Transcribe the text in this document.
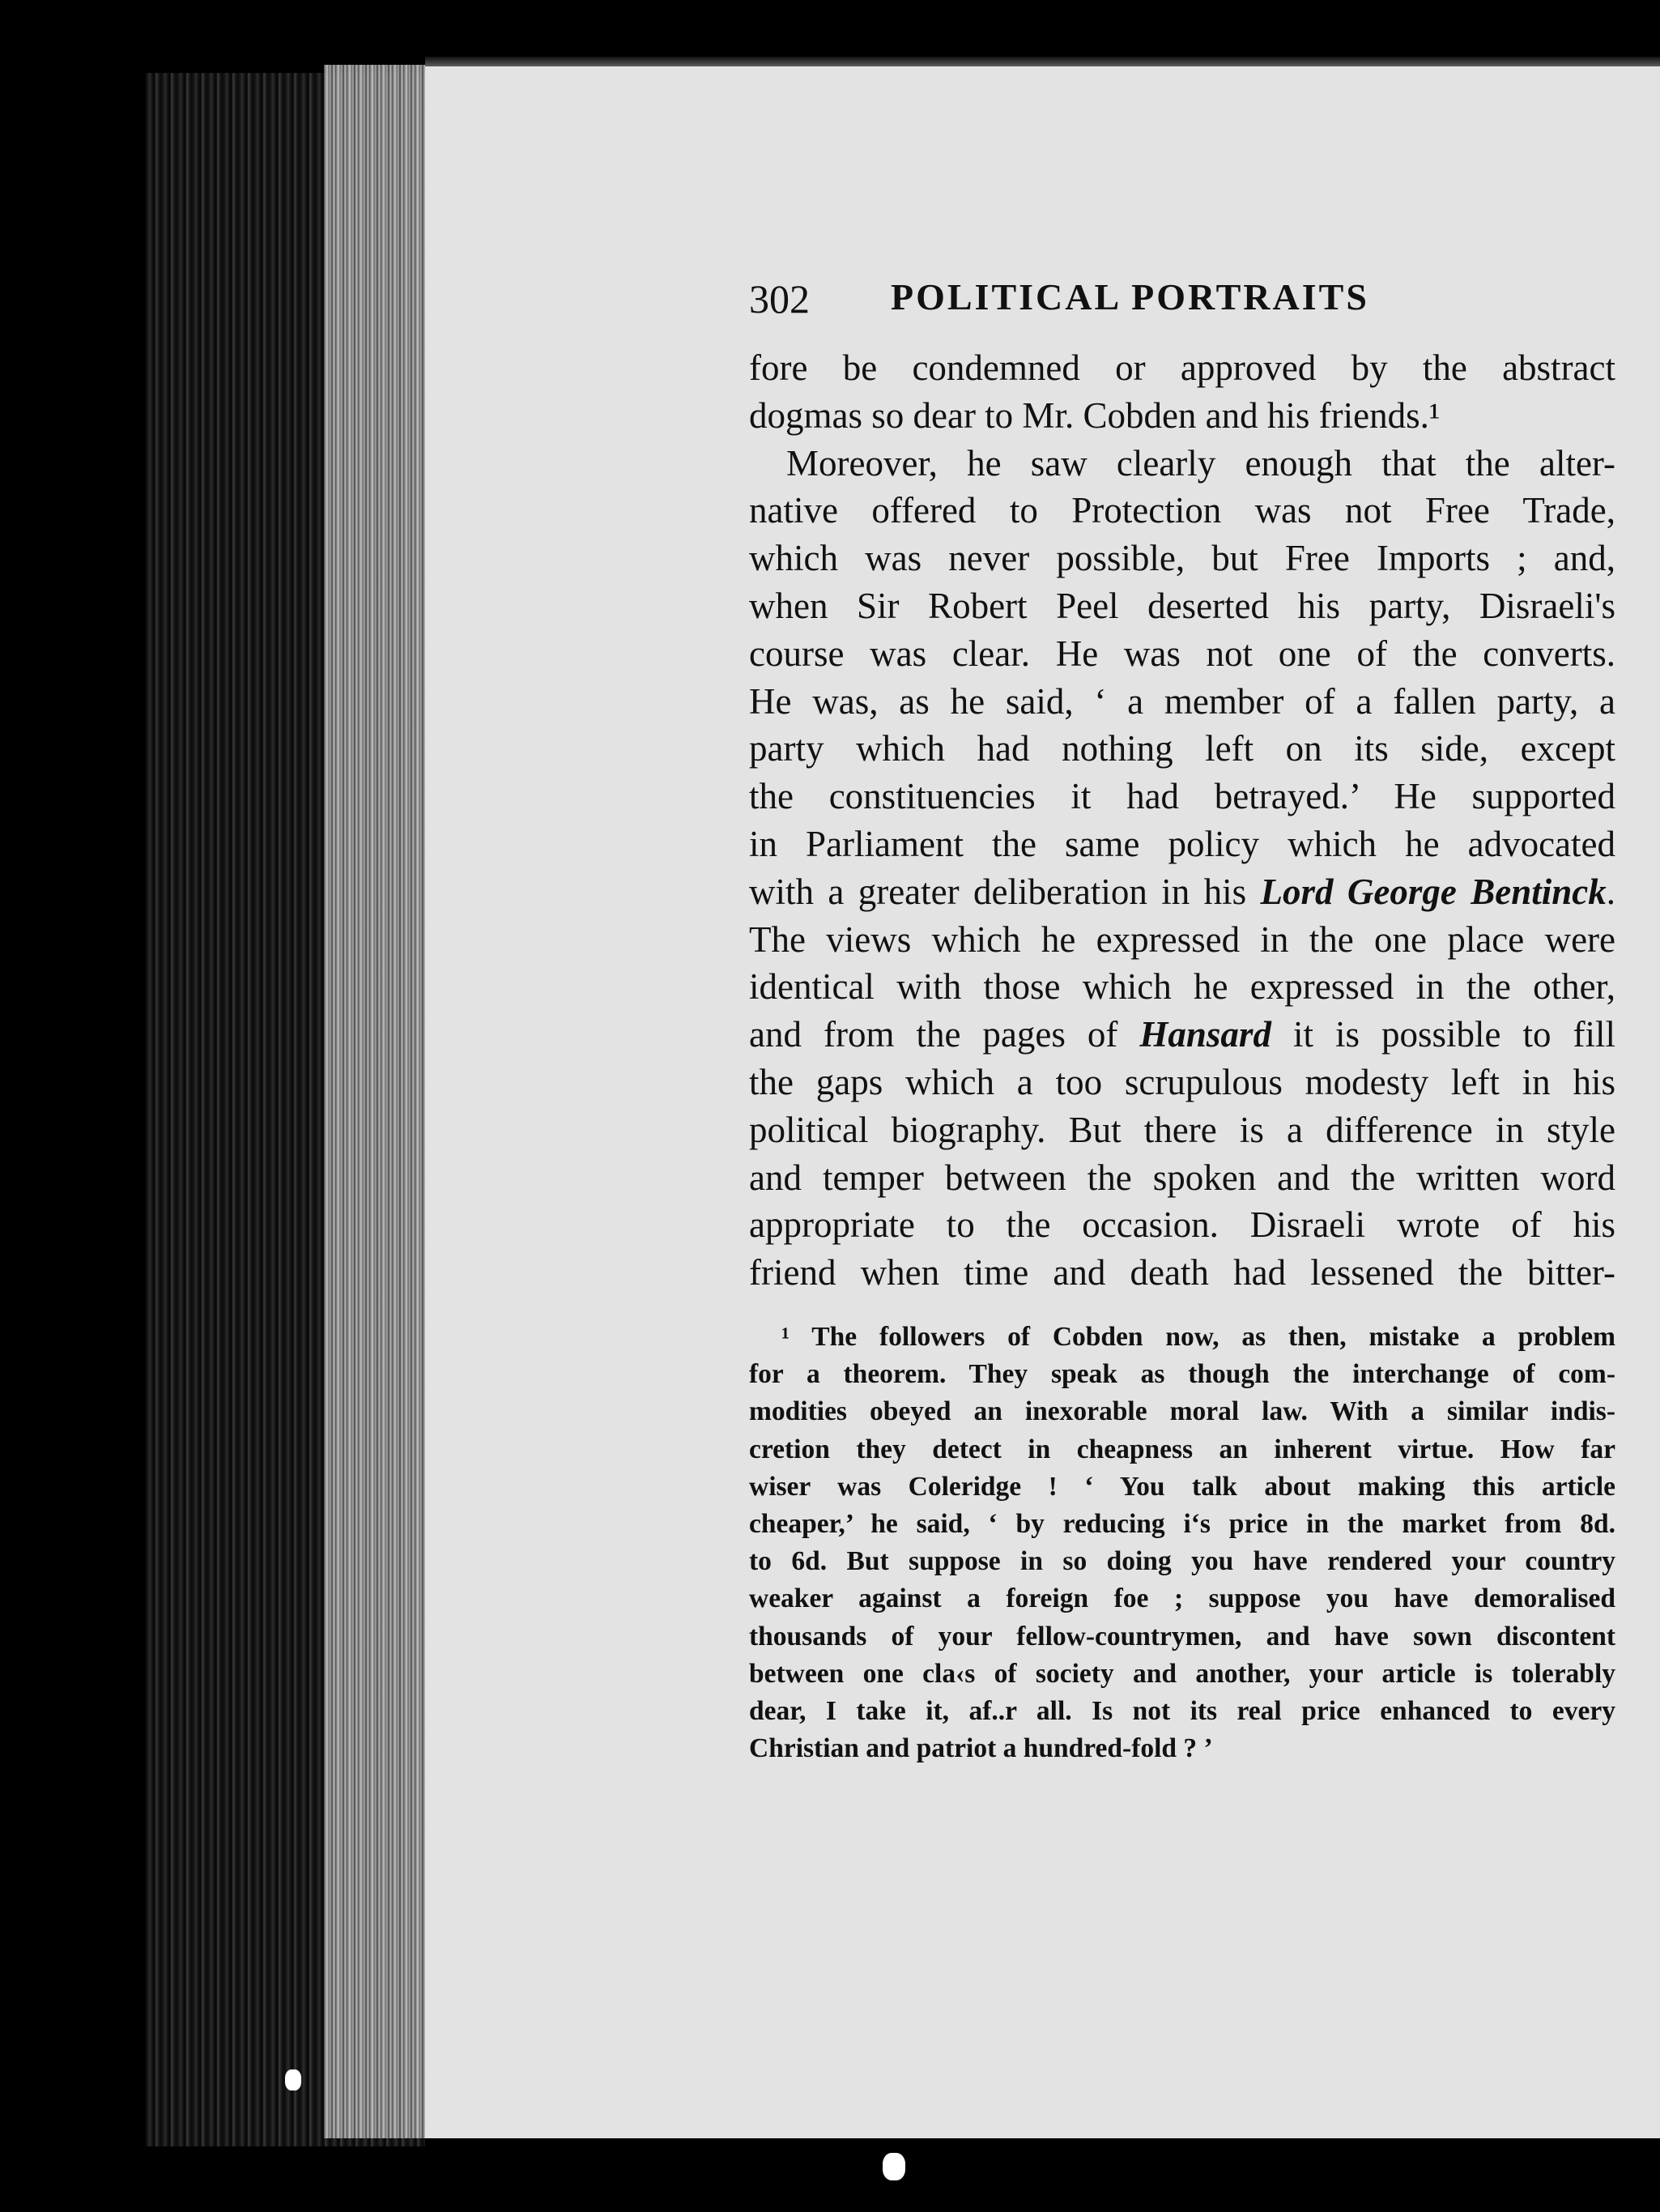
302 POLITICAL PORTRAITS
fore be condemned or approved by the abstract
dogmas so dear to Mr. Cobden and his friends.¹
Moreover, he saw clearly enough that the alter-
native offered to Protection was not Free Trade,
which was never possible, but Free Imports ; and,
when Sir Robert Peel deserted his party, Disraeli's
course was clear. He was not one of the converts.
He was, as he said, ‘ a member of a fallen party, a
party which had nothing left on its side, except
the constituencies it had betrayed.’ He supported
in Parliament the same policy which he advocated
with a greater deliberation in his Lord George Bentinck.
The views which he expressed in the one place were
identical with those which he expressed in the other,
and from the pages of Hansard it is possible to fill
the gaps which a too scrupulous modesty left in his
political biography. But there is a difference in style
and temper between the spoken and the written word
appropriate to the occasion. Disraeli wrote of his
friend when time and death had lessened the bitter-
¹ The followers of Cobden now, as then, mistake a problem
for a theorem. They speak as though the interchange of com-
modities obeyed an inexorable moral law. With a similar indis-
cretion they detect in cheapness an inherent virtue. How far
wiser was Coleridge ! ‘ You talk about making this article
cheaper,’ he said, ‘ by reducing i‘s price in the market from 8d.
to 6d. But suppose in so doing you have rendered your country
weaker against a foreign foe ; suppose you have demoralised
thousands of your fellow-countrymen, and have sown discontent
between one cla‹s of society and another, your article is tolerably
dear, I take it, af..r all. Is not its real price enhanced to every
Christian and patriot a hundred-fold ? ’
